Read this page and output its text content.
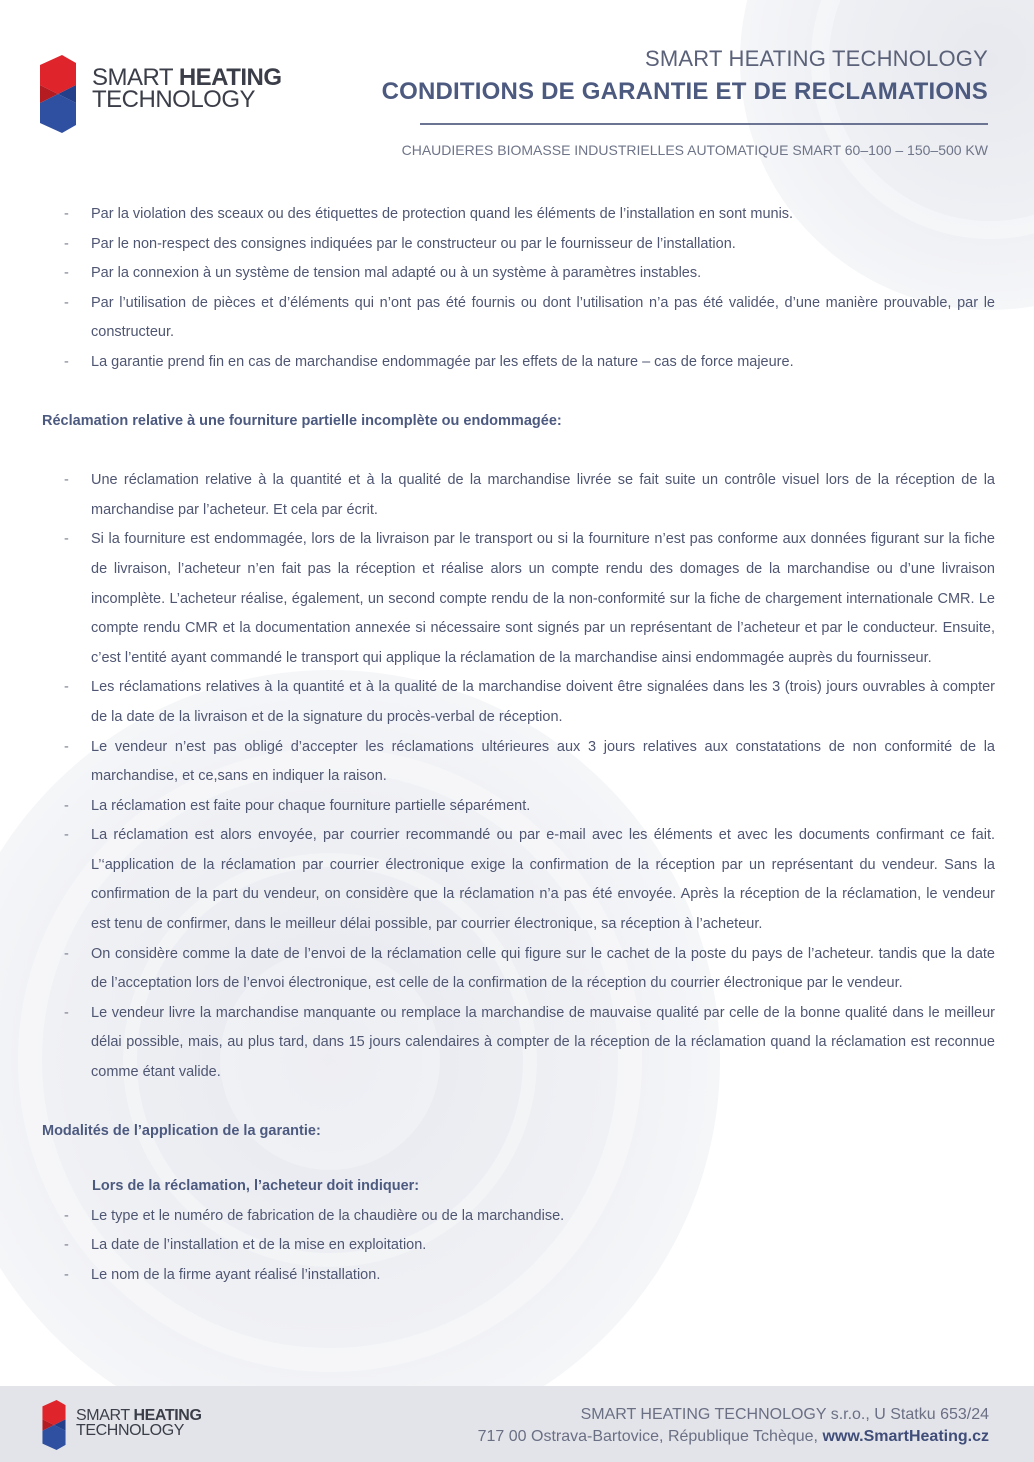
SMART HEATING
TECHNOLOGY
SMART HEATING TECHNOLOGY
CONDITIONS DE GARANTIE ET DE RECLAMATIONS
CHAUDIERES BIOMASSE INDUSTRIELLES AUTOMATIQUE SMART 60–100 – 150–500 KW
- Par la violation des sceaux ou des étiquettes de protection quand les éléments de l’installation en sont munis.
- Par le non-respect des consignes indiquées par le constructeur ou par le fournisseur de l’installation.
- Par la connexion à un système de tension mal adapté ou à un système à paramètres instables.
- Par l’utilisation de pièces et d’éléments qui n’ont pas été fournis ou dont l’utilisation n’a pas été validée, d’une manière prouvable, par le constructeur.
- La garantie prend fin en cas de marchandise endommagée par les effets de la nature – cas de force majeure.
Réclamation relative à une fourniture partielle incomplète ou endommagée:
- Une réclamation relative à la quantité et à la qualité de la marchandise livrée se fait suite un contrôle visuel lors de la réception de la marchandise par l’acheteur. Et cela par écrit.
- Si la fourniture est endommagée, lors de la livraison par le transport ou si la fourniture n’est pas conforme aux données figurant sur la fiche de livraison, l’acheteur n’en fait pas la réception et réalise alors un compte rendu des domages de la marchandise ou d’une livraison incomplète. L’acheteur réalise, également, un second compte rendu de la non-conformité sur la fiche de chargement internationale CMR. Le compte rendu CMR et la documentation annexée si nécessaire sont signés par un représentant de l’acheteur et par le conducteur. Ensuite, c’est l’entité ayant commandé le transport qui applique la réclamation de la marchandise ainsi endommagée auprès du fournisseur.
- Les réclamations relatives à la quantité et à la qualité de la marchandise doivent être signalées dans les 3 (trois) jours ouvrables à compter de la date de la livraison et de la signature du procès-verbal de réception.
- Le vendeur n’est pas obligé d’accepter les réclamations ultérieures aux 3 jours relatives aux constatations de non conformité de la marchandise, et ce,sans en indiquer la raison.
- La réclamation est faite pour chaque fourniture partielle séparément.
- La réclamation est alors envoyée, par courrier recommandé ou par e-mail avec les éléments et avec les documents confirmant ce fait. L’‘application de la réclamation par courrier électronique exige la confirmation de la réception par un représentant du vendeur. Sans la confirmation de la part du vendeur, on considère que la réclamation n’a pas été envoyée. Après la réception de la réclamation, le vendeur est tenu de confirmer, dans le meilleur délai possible, par courrier électronique, sa réception à l’acheteur.
- On considère comme la date de l’envoi de la réclamation celle qui figure sur le cachet de la poste du pays de l’acheteur. tandis que la date de l’acceptation lors de l’envoi électronique, est celle de la confirmation de la réception du courrier électronique par le vendeur.
- Le vendeur livre la marchandise manquante ou remplace la marchandise de mauvaise qualité par celle de la bonne qualité dans le meilleur délai possible, mais, au plus tard, dans 15 jours calendaires à compter de la réception de la réclamation quand la réclamation est reconnue comme étant valide.
Modalités de l’application de la garantie:
Lors de la réclamation, l’acheteur doit indiquer:
- Le type et le numéro de fabrication de la chaudière ou de la marchandise.
- La date de l’installation et de la mise en exploitation.
- Le nom de la firme ayant réalisé l’installation.
SMART HEATING
TECHNOLOGY
SMART HEATING TECHNOLOGY s.r.o., U Statku 653/24
717 00 Ostrava-Bartovice, République Tchèque, www.SmartHeating.cz
